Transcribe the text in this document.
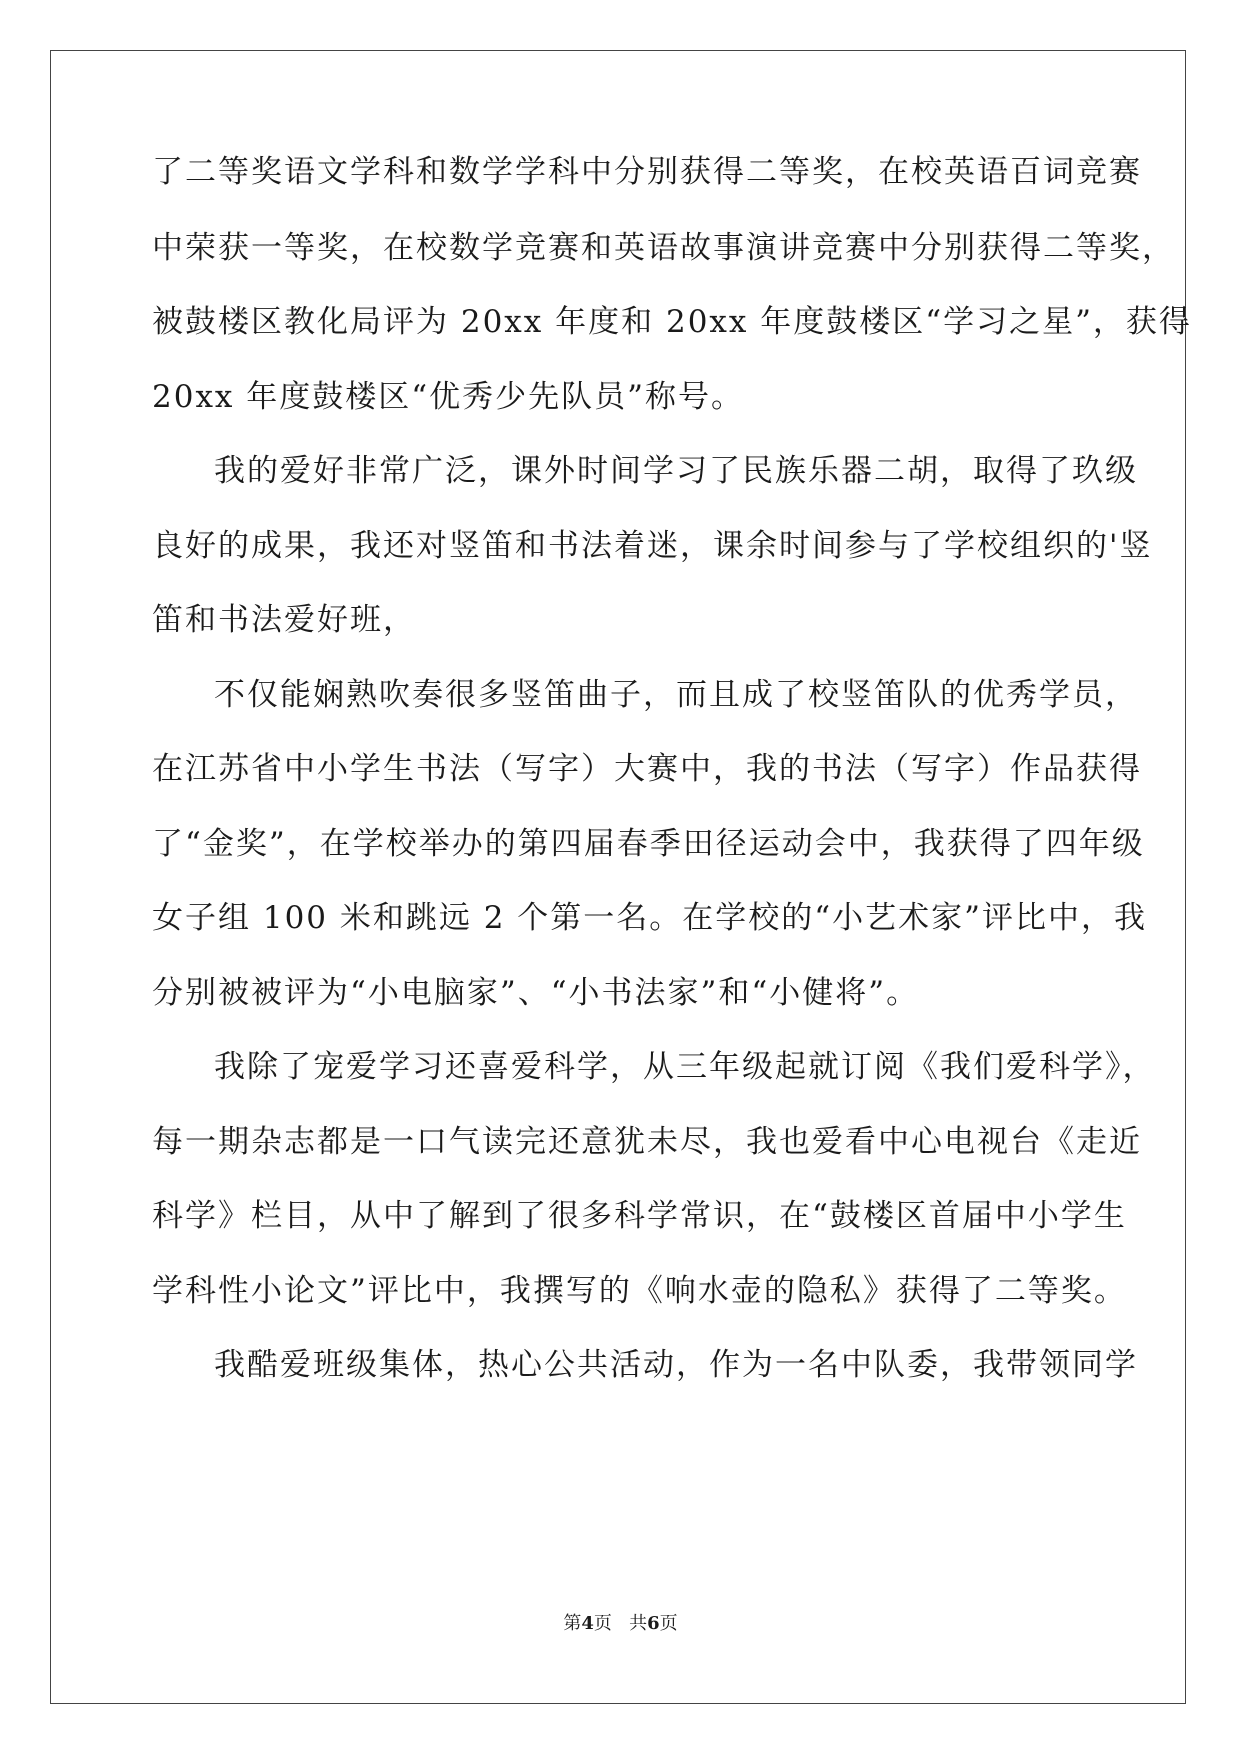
了二等奖语文学科和数学学科中分别获得二等奖，在校英语百词竞赛
中荣获一等奖，在校数学竞赛和英语故事演讲竞赛中分别获得二等奖，
被鼓楼区教化局评为 20xx 年度和 20xx 年度鼓楼区“学习之星”，获得
20xx 年度鼓楼区“优秀少先队员”称号。
我的爱好非常广泛，课外时间学习了民族乐器二胡，取得了玖级
良好的成果，我还对竖笛和书法着迷，课余时间参与了学校组织的'竖
笛和书法爱好班，
不仅能娴熟吹奏很多竖笛曲子，而且成了校竖笛队的优秀学员，
在江苏省中小学生书法（写字）大赛中，我的书法（写字）作品获得
了“金奖”，在学校举办的第四届春季田径运动会中，我获得了四年级
女子组 100 米和跳远 2 个第一名。在学校的“小艺术家”评比中，我
分别被被评为“小电脑家”、“小书法家”和“小健将”。
我除了宠爱学习还喜爱科学，从三年级起就订阅《我们爱科学》，
每一期杂志都是一口气读完还意犹未尽，我也爱看中心电视台《走近
科学》栏目，从中了解到了很多科学常识，在“鼓楼区首届中小学生
学科性小论文”评比中，我撰写的《响水壶的隐私》获得了二等奖。
我酷爱班级集体，热心公共活动，作为一名中队委，我带领同学
第4页 共6页
